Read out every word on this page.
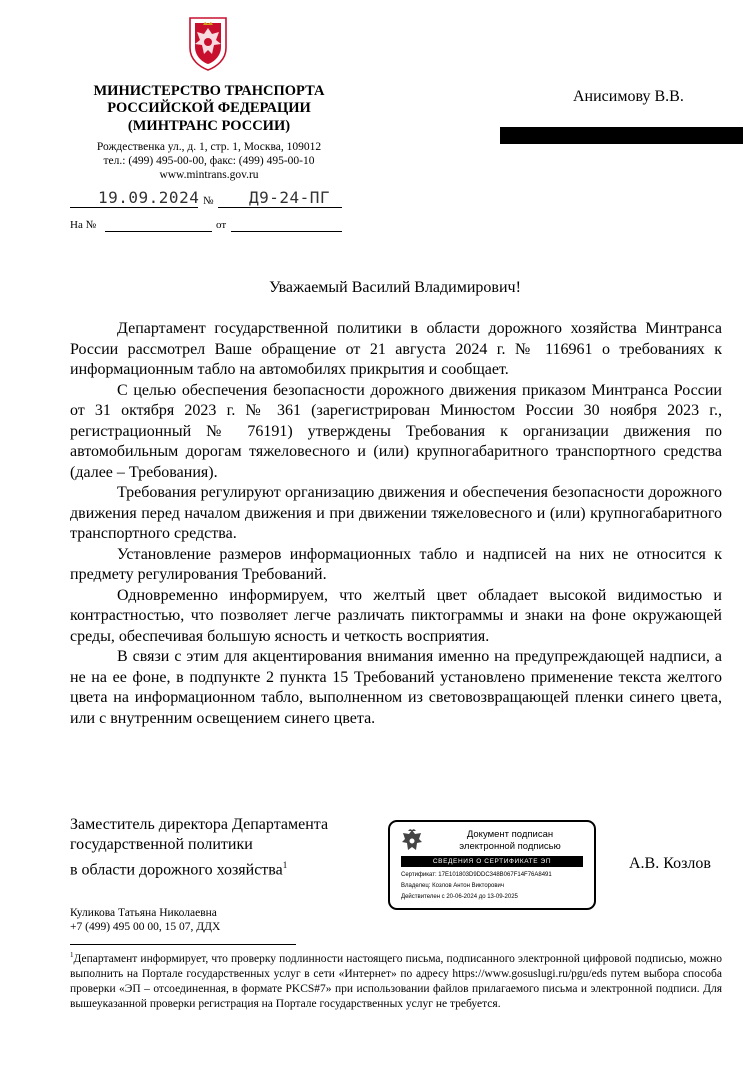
МИНИСТЕРСТВО ТРАНСПОРТА
РОССИЙСКОЙ ФЕДЕРАЦИИ
(МИНТРАНС РОССИИ)
Рождественка ул., д. 1, стр. 1, Москва, 109012
тел.: (499) 495-00-00, факс: (499) 495-00-10
www.mintrans.gov.ru
19.09.2024 № Д9-24-ПГ
На №	от
Анисимову В.В.
Уважаемый Василий Владимирович!

Департамент государственной политики в области дорожного хозяйства Минтранса России рассмотрел Ваше обращение от 21 августа 2024 г. № 116961 о требованиях к информационным табло на автомобилях прикрытия и сообщает.

С целью обеспечения безопасности дорожного движения приказом Минтранса России от 31 октября 2023 г. № 361 (зарегистрирован Минюстом России 30 ноября 2023 г., регистрационный № 76191) утверждены Требования к организации движения по автомобильным дорогам тяжеловесного и (или) крупногабаритного транспортного средства (далее – Требования).

Требования регулируют организацию движения и обеспечения безопасности дорожного движения перед началом движения и при движении тяжеловесного и (или) крупногабаритного транспортного средства.

Установление размеров информационных табло и надписей на них не относится к предмету регулирования Требований.

Одновременно информируем, что желтый цвет обладает высокой видимостью и контрастностью, что позволяет легче различать пиктограммы и знаки на фоне окружающей среды, обеспечивая большую ясность и четкость восприятия.

В связи с этим для акцентирования внимания именно на предупреждающей надписи, а не на ее фоне, в подпункте 2 пункта 15 Требований установлено применение текста желтого цвета на информационном табло, выполненном из световозвращающей пленки синего цвета, или с внутренним освещением синего цвета.

Заместитель директора Департамента
государственной политики
в области дорожного хозяйства$^1$	А.В. Козлов
Документ подписан
электронной подписью
СВЕДЕНИЯ О СЕРТИФИКАТЕ ЭП
Сертификат: 17E101803D9DDC348B067F14F76A8491
Владелец: Козлов Антон Викторович
Действителен с 20-06-2024 до 13-09-2025
Куликова Татьяна Николаевна
+7 (499) 495 00 00, 15 07, ДДХ
$^1$Департамент информирует, что проверку подлинности настоящего письма, подписанного электронной цифровой подписью, можно выполнить на Портале государственных услуг в сети «Интернет» по адресу https://www.gosuslugi.ru/pgu/eds путем выбора способа проверки «ЭП – отсоединенная, в формате PKCS#7» при использовании файлов прилагаемого письма и электронной подписи. Для вышеуказанной проверки регистрация на Портале государственных услуг не требуется.
